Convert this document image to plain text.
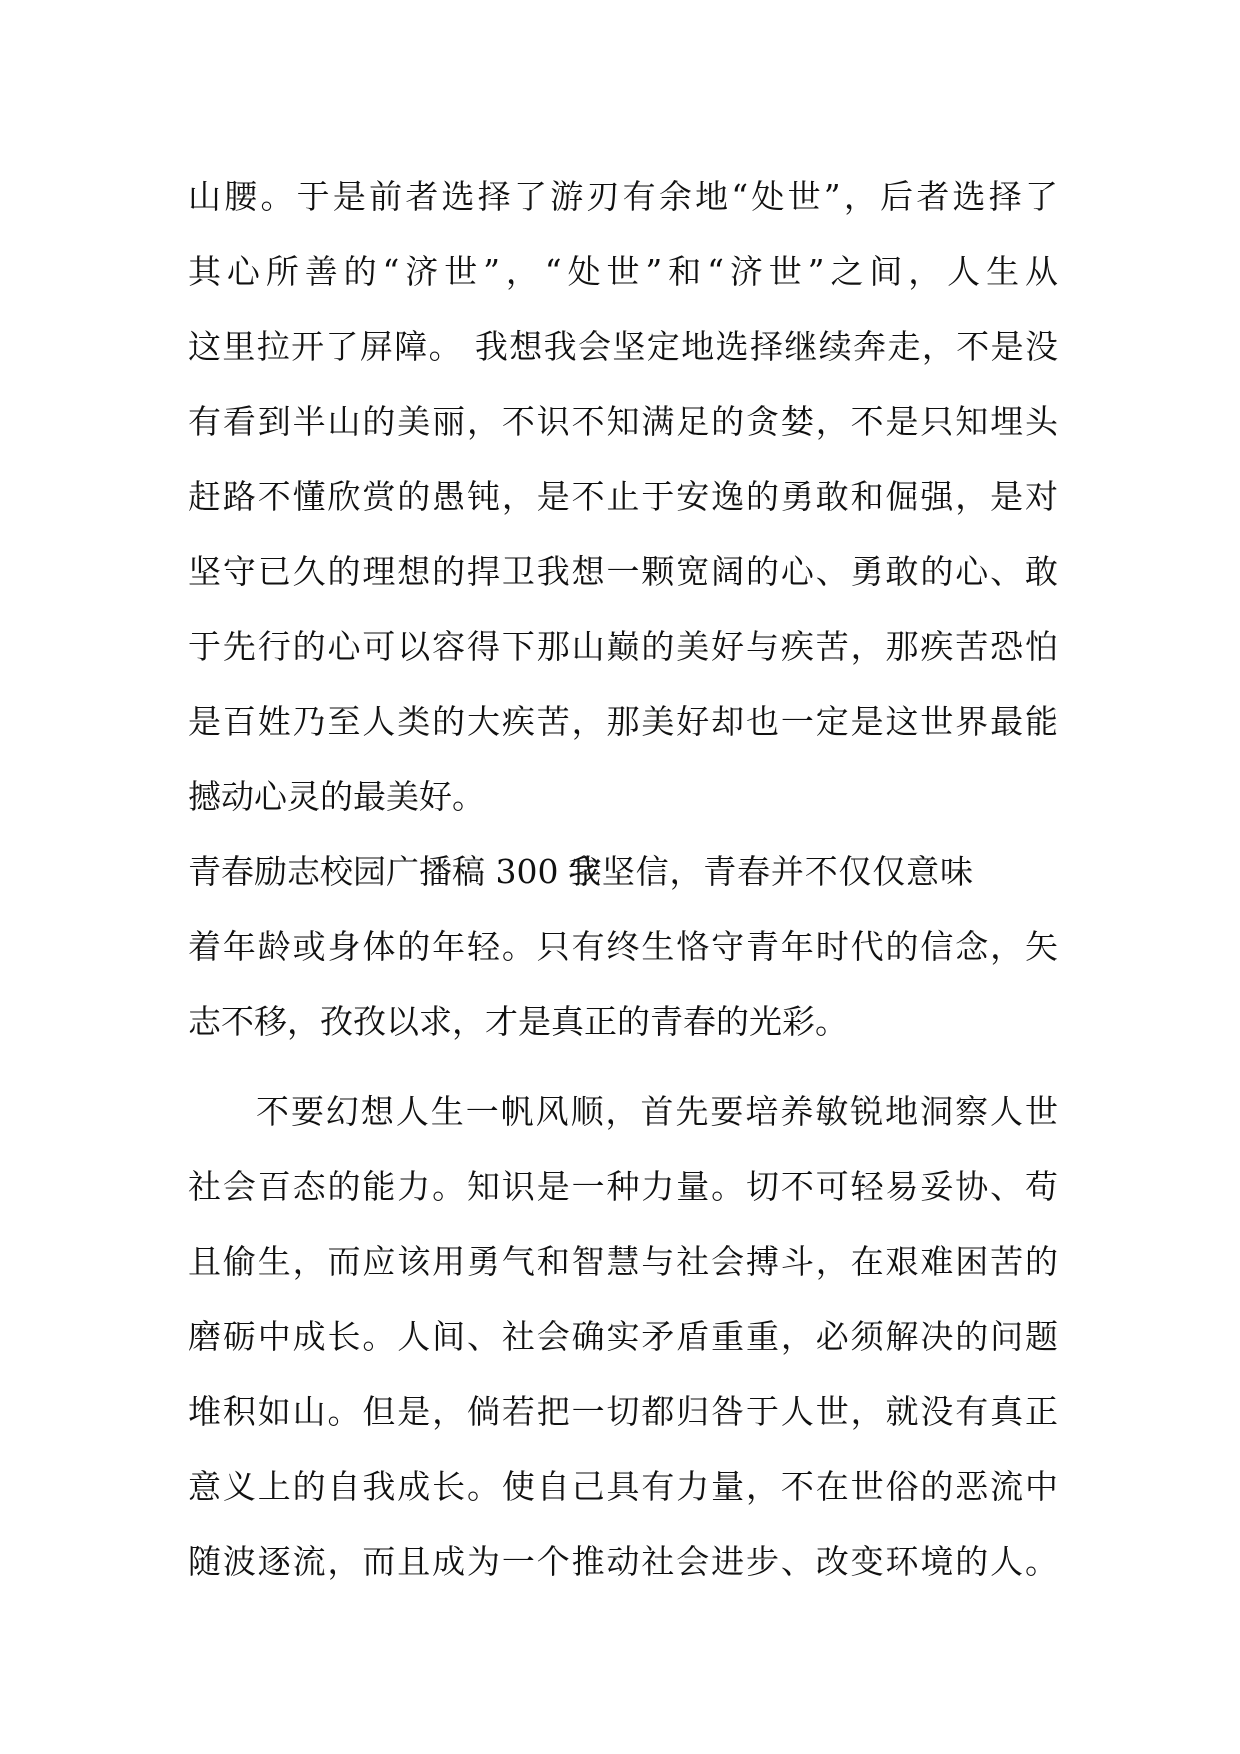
山腰。于是前者选择了游刃有余地“处世”，后者选择了
其心所善的“济世”，“处世”和“济世”之间，人生从
这里拉开了屏障。 我想我会坚定地选择继续奔走，不是没
有看到半山的美丽，不识不知满足的贪婪，不是只知埋头
赶路不懂欣赏的愚钝，是不止于安逸的勇敢和倔强，是对
坚守已久的理想的捍卫我想一颗宽阔的心、勇敢的心、敢
于先行的心可以容得下那山巅的美好与疾苦，那疾苦恐怕
是百姓乃至人类的大疾苦，那美好却也一定是这世界最能
撼动心灵的最美好。
青春励志校园广播稿 300 字我坚信，青春并不仅仅意味
着年龄或身体的年轻。只有终生恪守青年时代的信念，矢
志不移，孜孜以求，才是真正的青春的光彩。
不要幻想人生一帆风顺，首先要培养敏锐地洞察人世
社会百态的能力。知识是一种力量。切不可轻易妥协、苟
且偷生，而应该用勇气和智慧与社会搏斗，在艰难困苦的
磨砺中成长。人间、社会确实矛盾重重，必须解决的问题
堆积如山。但是，倘若把一切都归咎于人世，就没有真正
意义上的自我成长。使自己具有力量，不在世俗的恶流中
随波逐流，而且成为一个推动社会进步、改变环境的人。
